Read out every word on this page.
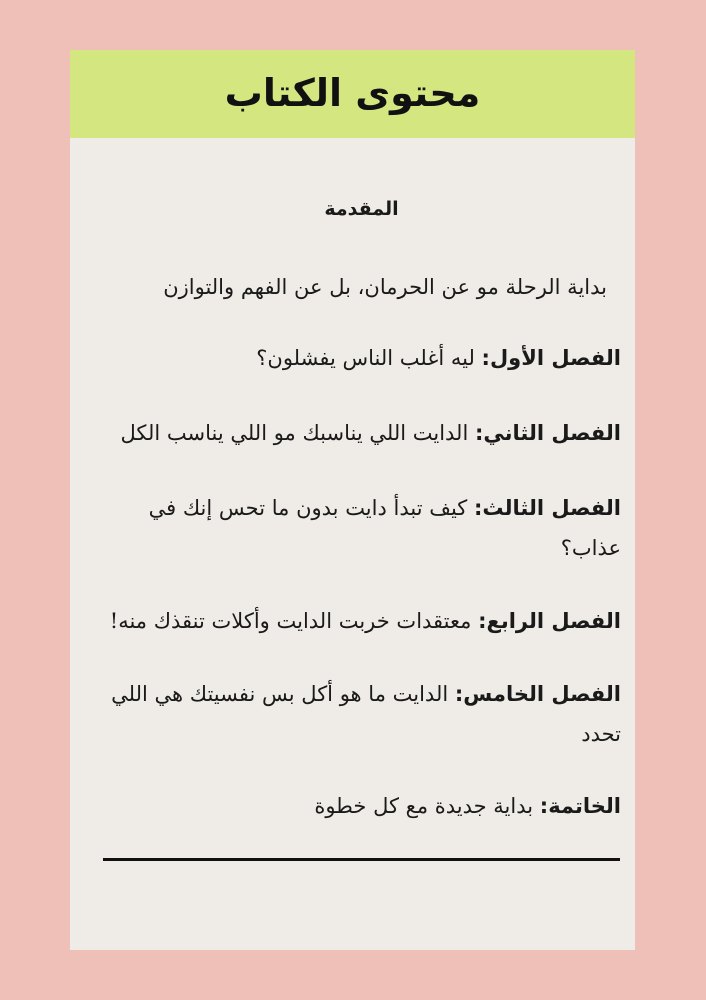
محتوى الكتاب
المقدمة
بداية الرحلة مو عن الحرمان، بل عن الفهم والتوازن
الفصل الأول: ليه أغلب الناس يفشلون؟
الفصل الثاني: الدايت اللي يناسبك مو اللي يناسب الكل
الفصل الثالث: كيف تبدأ دايت بدون ما تحس إنك في عذاب؟
الفصل الرابع: معتقدات خربت الدايت وأكلات تنقذك منه!
الفصل الخامس: الدايت ما هو أكل بس نفسيتك هي اللي تحدد
الخاتمة: بداية جديدة مع كل خطوة
